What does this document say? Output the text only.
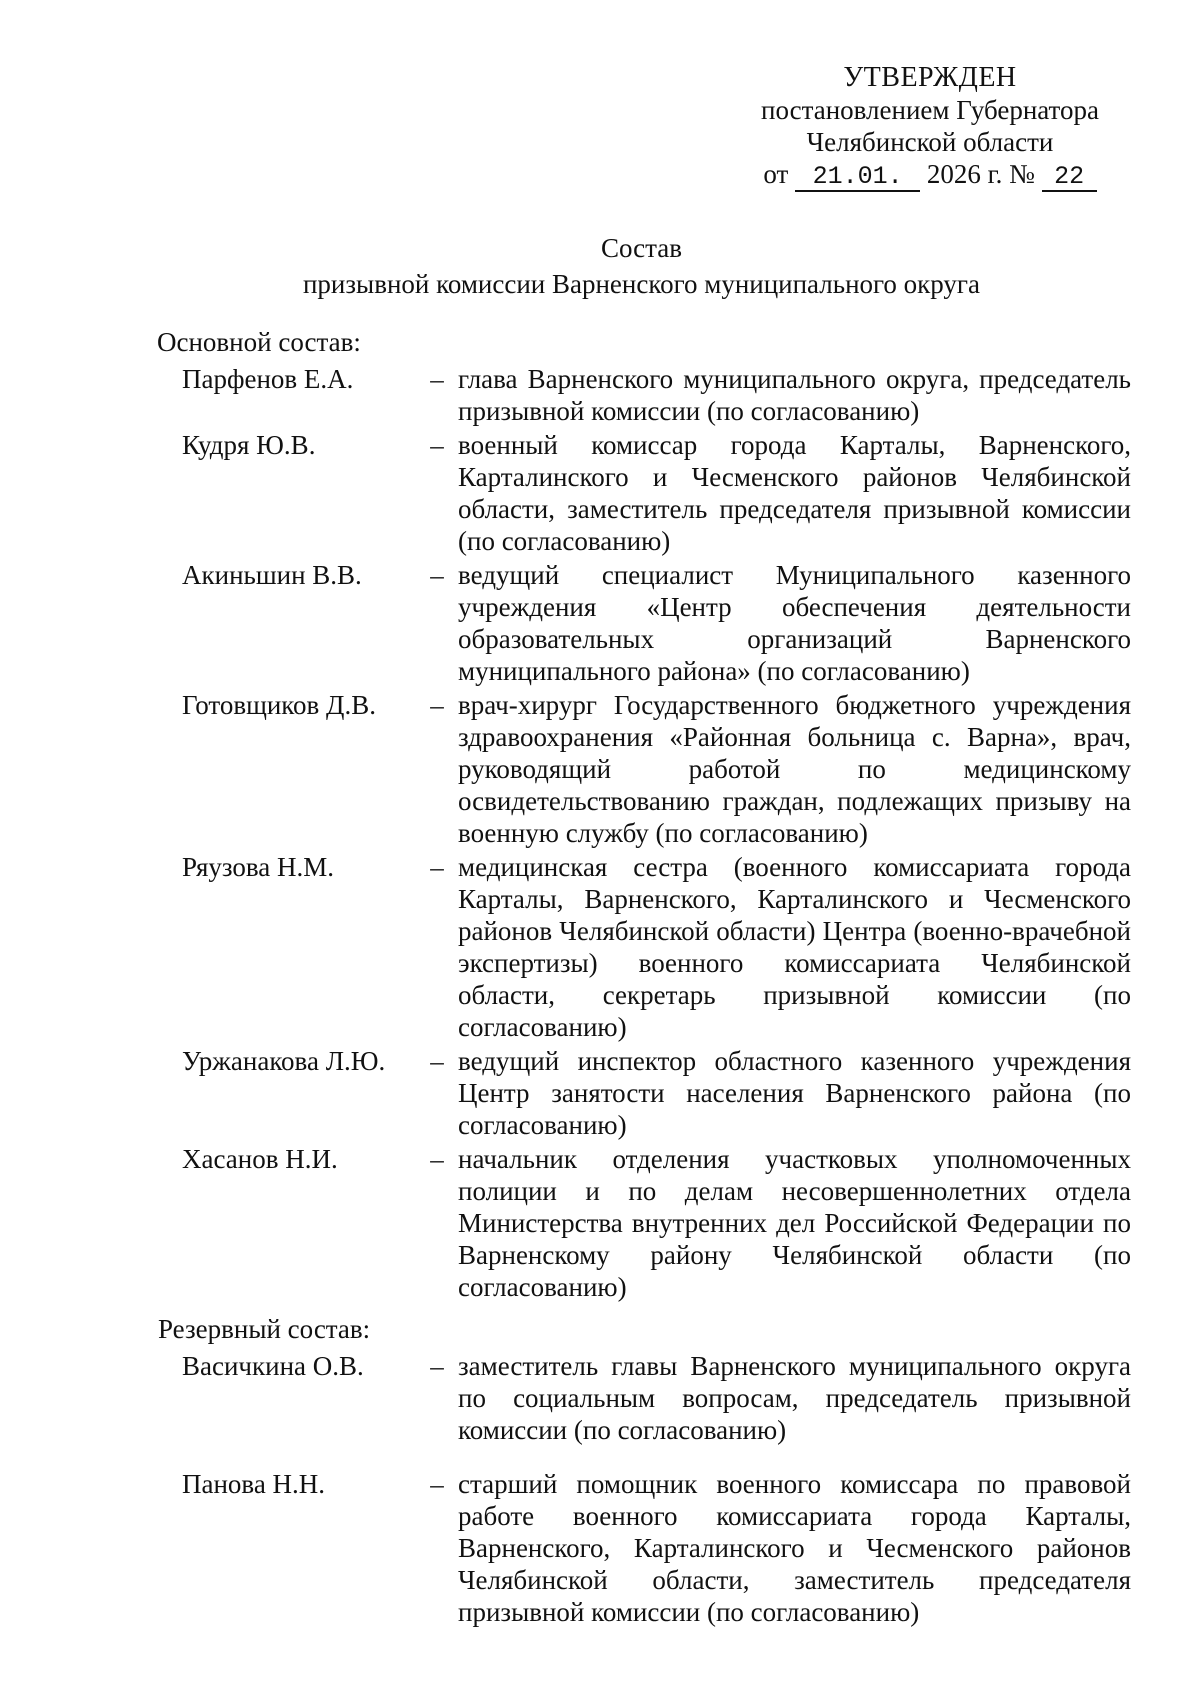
УТВЕРЖДЕН
постановлением Губернатора
Челябинской области
от 21.01. 2026 г. № 22
Состав
призывной комиссии Варненского муниципального округа
Основной состав:
Парфенов Е.А.	– глава Варненского муниципального округа, председатель призывной комиссии (по согласованию)
Кудря Ю.В.	– военный комиссар города Карталы, Варненского, Карталинского и Чесменского районов Челябинской области, заместитель председателя призывной комиссии (по согласованию)
Акиньшин В.В.	– ведущий специалист Муниципального казенного учреждения «Центр обеспечения деятельности образовательных организаций Варненского муниципального района» (по согласованию)
Готовщиков Д.В.	– врач-хирург Государственного бюджетного учреждения здравоохранения «Районная больница с. Варна», врач, руководящий работой по медицинскому освидетельствованию граждан, подлежащих призыву на военную службу (по согласованию)
Ряузова Н.М.	– медицинская сестра (военного комиссариата города Карталы, Варненского, Карталинского и Чесменского районов Челябинской области) Центра (военно-врачебной экспертизы) военного комиссариата Челябинской области, секретарь призывной комиссии (по согласованию)
Уржанакова Л.Ю.	– ведущий инспектор областного казенного учреждения Центр занятости населения Варненского района (по согласованию)
Хасанов Н.И.	– начальник отделения участковых уполномоченных полиции и по делам несовершеннолетних отдела Министерства внутренних дел Российской Федерации по Варненскому району Челябинской области (по согласованию)
Резервный состав:
Васичкина О.В.	– заместитель главы Варненского муниципального округа по социальным вопросам, председатель призывной комиссии (по согласованию)
Панова Н.Н.	– старший помощник военного комиссара по правовой работе военного комиссариата города Карталы, Варненского, Карталинского и Чесменского районов Челябинской области, заместитель председателя призывной комиссии (по согласованию)
